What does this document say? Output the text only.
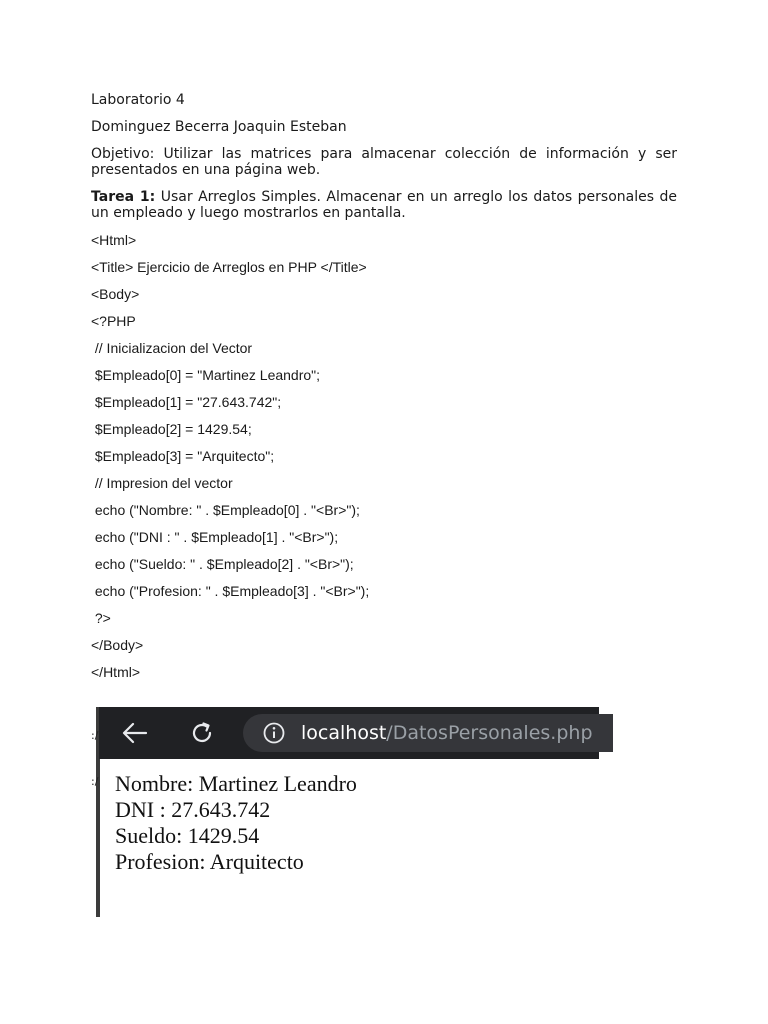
Laboratorio 4

Dominguez Becerra Joaquin Esteban

Objetivo: Utilizar las matrices para almacenar colección de información y ser presentados en una página web.

Tarea 1: Usar Arreglos Simples. Almacenar en un arreglo los datos personales de un empleado y luego mostrarlos en pantalla.

<Html>
<Title> Ejercicio de Arreglos en PHP </Title>
<Body>
<?PHP
// Inicializacion del Vector
$Empleado[0] = "Martinez Leandro";
$Empleado[1] = "27.643.742";
$Empleado[2] = 1429.54;
$Empleado[3] = "Arquitecto";
// Impresion del vector
echo ("Nombre: " . $Empleado[0] . "<Br>");
echo ("DNI : " . $Empleado[1] . "<Br>");
echo ("Sueldo: " . $Empleado[2] . "<Br>");
echo ("Profesion: " . $Empleado[3] . "<Br>");
?>
</Body>
</Html>
:/
:/
localhost/DatosPersonales.php
Nombre: Martinez Leandro
DNI : 27.643.742
Sueldo: 1429.54
Profesion: Arquitecto
